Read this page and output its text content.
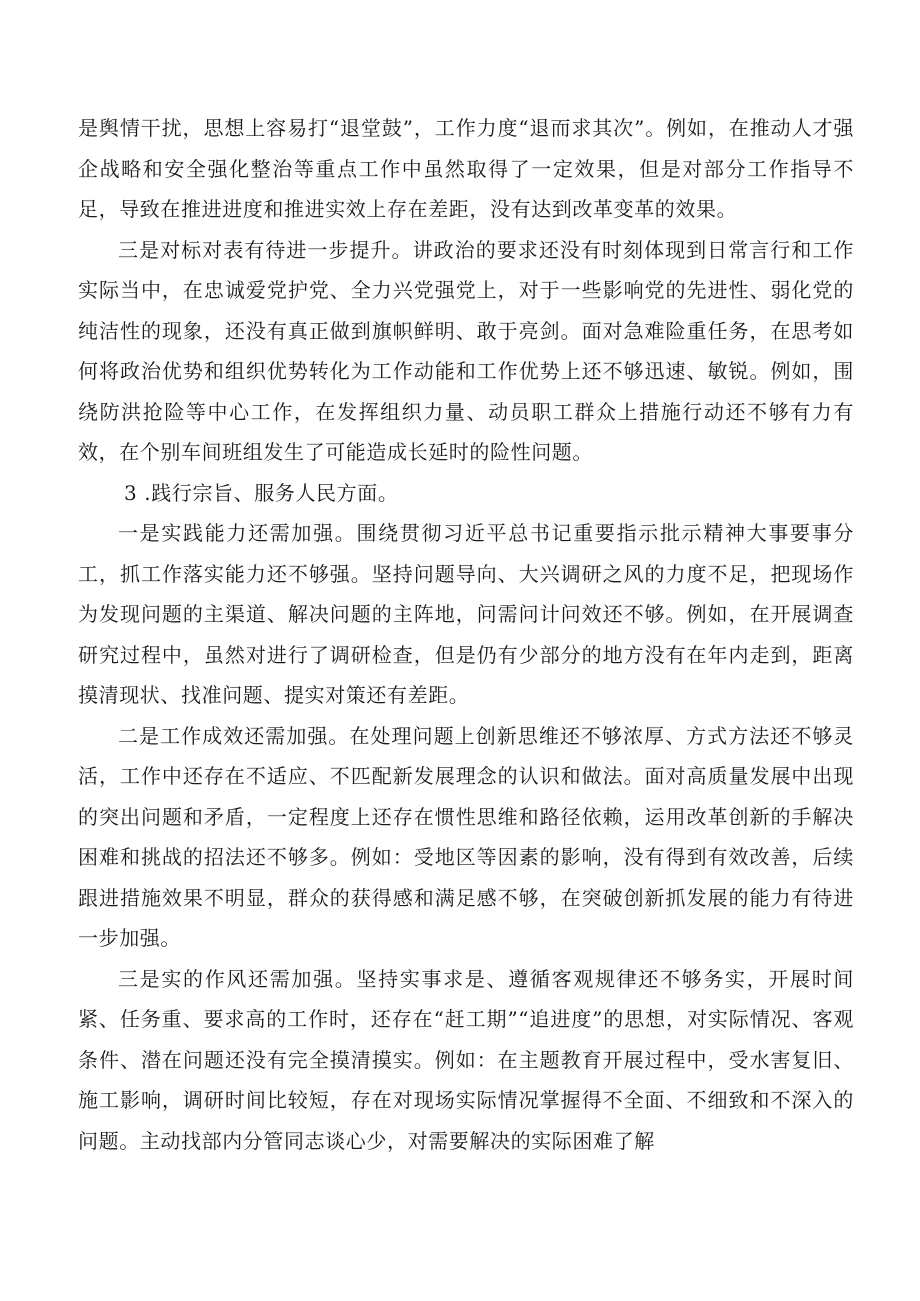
是舆情干扰，思想上容易打“退堂鼓”，工作力度“退而求其次”。例如，在推动人才强企战略和安全强化整治等重点工作中虽然取得了一定效果，但是对部分工作指导不足，导致在推进进度和推进实效上存在差距，没有达到改革变革的效果。

三是对标对表有待进一步提升。讲政治的要求还没有时刻体现到日常言行和工作实际当中，在忠诚爱党护党、全力兴党强党上，对于一些影响党的先进性、弱化党的纯洁性的现象，还没有真正做到旗帜鲜明、敢于亮剑。面对急难险重任务，在思考如何将政治优势和组织优势转化为工作动能和工作优势上还不够迅速、敏锐。例如，围绕防洪抢险等中心工作，在发挥组织力量、动员职工群众上措施行动还不够有力有效，在个别车间班组发生了可能造成长延时的险性问题。

3 .践行宗旨、服务人民方面。

一是实践能力还需加强。围绕贯彻习近平总书记重要指示批示精神大事要事分工，抓工作落实能力还不够强。坚持问题导向、大兴调研之风的力度不足，把现场作为发现问题的主渠道、解决问题的主阵地，问需问计问效还不够。例如，在开展调查研究过程中，虽然对进行了调研检查，但是仍有少部分的地方没有在年内走到，距离摸清现状、找准问题、提实对策还有差距。

二是工作成效还需加强。在处理问题上创新思维还不够浓厚、方式方法还不够灵活，工作中还存在不适应、不匹配新发展理念的认识和做法。面对高质量发展中出现的突出问题和矛盾，一定程度上还存在惯性思维和路径依赖，运用改革创新的手解决困难和挑战的招法还不够多。例如：受地区等因素的影响，没有得到有效改善，后续跟进措施效果不明显，群众的获得感和满足感不够，在突破创新抓发展的能力有待进一步加强。

三是实的作风还需加强。坚持实事求是、遵循客观规律还不够务实，开展时间紧、任务重、要求高的工作时，还存在“赶工期”“追进度”的思想，对实际情况、客观条件、潜在问题还没有完全摸清摸实。例如：在主题教育开展过程中，受水害复旧、施工影响，调研时间比较短，存在对现场实际情况掌握得不全面、不细致和不深入的问题。主动找部内分管同志谈心少，对需要解决的实际困难了解
